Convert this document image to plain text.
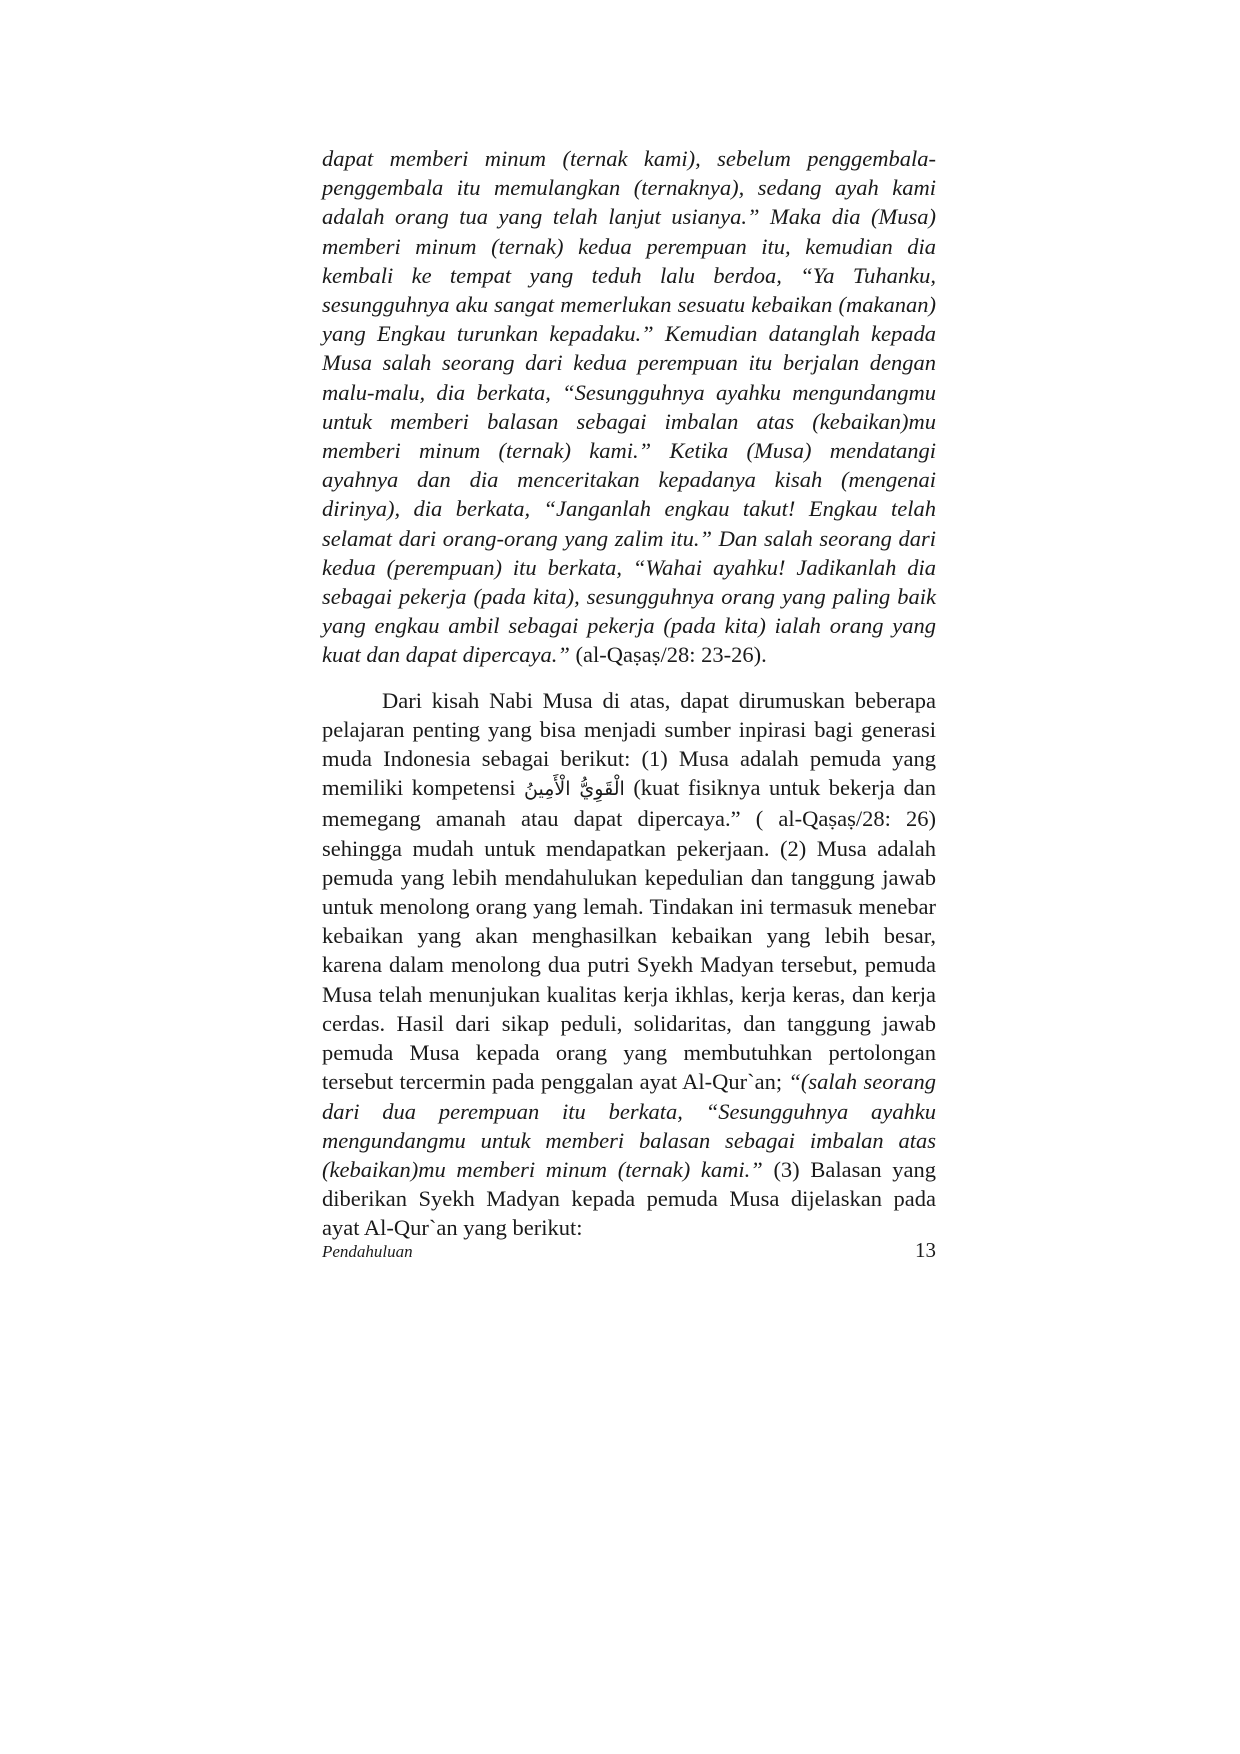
dapat memberi minum (ternak kami), sebelum penggembala-penggembala itu memulangkan (ternaknya), sedang ayah kami adalah orang tua yang telah lanjut usianya.” Maka dia (Musa) memberi minum (ternak) kedua perempuan itu, kemudian dia kembali ke tempat yang teduh lalu berdoa, “Ya Tuhanku, sesungguhnya aku sangat memerlukan sesuatu kebaikan (makanan) yang Engkau turunkan kepadaku.” Kemudian datanglah kepada Musa salah seorang dari kedua perempuan itu berjalan dengan malu-malu, dia berkata, “Sesungguhnya ayahku mengundangmu untuk memberi balasan sebagai imbalan atas (kebaikan)mu memberi minum (ternak) kami.” Ketika (Musa) mendatangi ayahnya dan dia menceritakan kepadanya kisah (mengenai dirinya), dia berkata, “Janganlah engkau takut! Engkau telah selamat dari orang-orang yang zalim itu.” Dan salah seorang dari kedua (perempuan) itu berkata, “Wahai ayahku! Jadikanlah dia sebagai pekerja (pada kita), sesungguhnya orang yang paling baik yang engkau ambil sebagai pekerja (pada kita) ialah orang yang kuat dan dapat dipercaya.” (al-Qaṣaṣ/28: 23-26).

Dari kisah Nabi Musa di atas, dapat dirumuskan beberapa pelajaran penting yang bisa menjadi sumber inpirasi bagi generasi muda Indonesia sebagai berikut: (1) Musa adalah pemuda yang memiliki kompetensi الْقَوِيُّ الْأَمِينُ (kuat fisiknya untuk bekerja dan memegang amanah atau dapat dipercaya.” ( al-Qaṣaṣ/28: 26) sehingga mudah untuk mendapatkan pekerjaan. (2) Musa adalah pemuda yang lebih mendahulukan kepedulian dan tanggung jawab untuk menolong orang yang lemah. Tindakan ini termasuk menebar kebaikan yang akan menghasilkan kebaikan yang lebih besar, karena dalam menolong dua putri Syekh Madyan tersebut, pemuda Musa telah menunjukan kualitas kerja ikhlas, kerja keras, dan kerja cerdas. Hasil dari sikap peduli, solidaritas, dan tanggung jawab pemuda Musa kepada orang yang membutuhkan pertolongan tersebut tercermin pada penggalan ayat Al-Qur`an; “(salah seorang dari dua perempuan itu berkata, “Sesungguhnya ayahku mengundangmu untuk memberi balasan sebagai imbalan atas (kebaikan)mu memberi minum (ternak) kami.” (3) Balasan yang diberikan Syekh Madyan kepada pemuda Musa dijelaskan pada ayat Al-Qur`an yang berikut:

Pendahuluan	13
